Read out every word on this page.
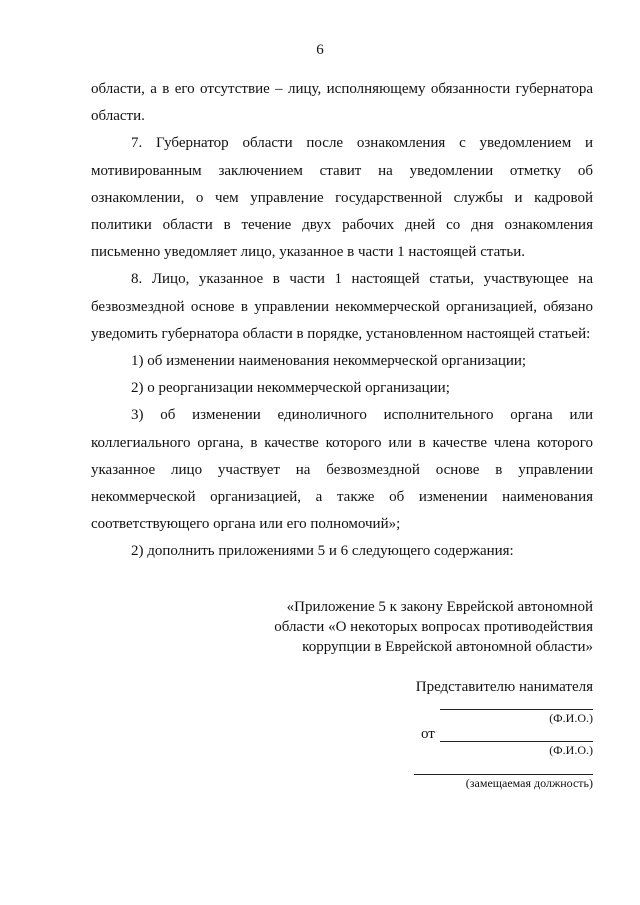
6

области, а в его отсутствие – лицу, исполняющему обязанности губернатора области.

7. Губернатор области после ознакомления с уведомлением и мотивированным заключением ставит на уведомлении отметку об ознакомлении, о чем управление государственной службы и кадровой политики области в течение двух рабочих дней со дня ознакомления письменно уведомляет лицо, указанное в части 1 настоящей статьи.

8. Лицо, указанное в части 1 настоящей статьи, участвующее на безвозмездной основе в управлении некоммерческой организацией, обязано уведомить губернатора области в порядке, установленном настоящей статьей:

1) об изменении наименования некоммерческой организации;

2) о реорганизации некоммерческой организации;

3) об изменении единоличного исполнительного органа или коллегиального органа, в качестве которого или в качестве члена которого указанное лицо участвует на безвозмездной основе в управлении некоммерческой организацией, а также об изменении наименования соответствующего органа или его полномочий»;

2) дополнить приложениями 5 и 6 следующего содержания:

«Приложение 5 к закону Еврейской автономной
области «О некоторых вопросах противодействия
коррупции в Еврейской автономной области»
Представителю нанимателя
(Ф.И.О.)
от
(Ф.И.О.)
(замещаемая должность)
